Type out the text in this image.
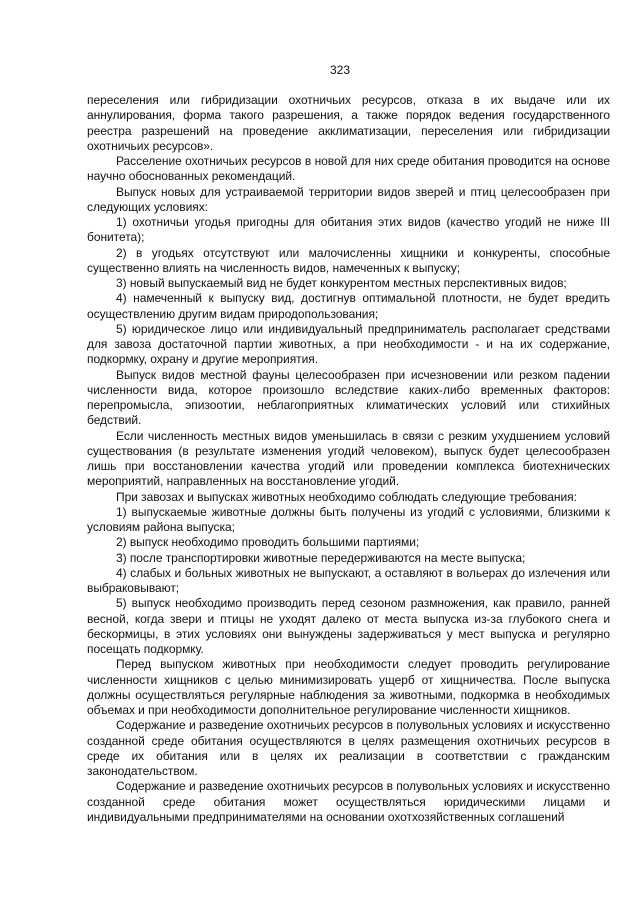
323

переселения или гибридизации охотничьих ресурсов, отказа в их выдаче или их аннулирования, форма такого разрешения, а также порядок ведения государственного реестра разрешений на проведение акклиматизации, переселения или гибридизации охотничьих ресурсов».

Расселение охотничьих ресурсов в новой для них среде обитания проводится на основе научно обоснованных рекомендаций.

Выпуск новых для устраиваемой территории видов зверей и птиц целесообразен при следующих условиях:

1) охотничьи угодья пригодны для обитания этих видов (качество угодий не ниже III бонитета);

2) в угодьях отсутствуют или малочисленны хищники и конкуренты, способные существенно влиять на численность видов, намеченных к выпуску;

3) новый выпускаемый вид не будет конкурентом местных перспективных видов;

4) намеченный к выпуску вид, достигнув оптимальной плотности, не будет вредить осуществлению другим видам природопользования;

5) юридическое лицо или индивидуальный предприниматель располагает средствами для завоза достаточной партии животных, а при необходимости - и на их содержание, подкормку, охрану и другие мероприятия.

Выпуск видов местной фауны целесообразен при исчезновении или резком падении численности вида, которое произошло вследствие каких-либо временных факторов: перепромысла, эпизоотии, неблагоприятных климатических условий или стихийных бедствий.

Если численность местных видов уменьшилась в связи с резким ухудшением условий существования (в результате изменения угодий человеком), выпуск будет целесообразен лишь при восстановлении качества угодий или проведении комплекса биотехнических мероприятий, направленных на восстановление угодий.

При завозах и выпусках животных необходимо соблюдать следующие требования:

1) выпускаемые животные должны быть получены из угодий с условиями, близкими к условиям района выпуска;

2) выпуск необходимо проводить большими партиями;

3) после транспортировки животные передерживаются на месте выпуска;

4) слабых и больных животных не выпускают, а оставляют в вольерах до излечения или выбраковывают;

5) выпуск необходимо производить перед сезоном размножения, как правило, ранней весной, когда звери и птицы не уходят далеко от места выпуска из-за глубокого снега и бескормицы, в этих условиях они вынуждены задерживаться у мест выпуска и регулярно посещать подкормку.

Перед выпуском животных при необходимости следует проводить регулирование численности хищников с целью минимизировать ущерб от хищничества. После выпуска должны осуществляться регулярные наблюдения за животными, подкормка в необходимых объемах и при необходимости дополнительное регулирование численности хищников.

Содержание и разведение охотничьих ресурсов в полувольных условиях и искусственно созданной среде обитания осуществляются в целях размещения охотничьих ресурсов в среде их обитания или в целях их реализации в соответствии с гражданским законодательством.

Содержание и разведение охотничьих ресурсов в полувольных условиях и искусственно созданной среде обитания может осуществляться юридическими лицами и индивидуальными предпринимателями на основании охотхозяйственных соглашений
